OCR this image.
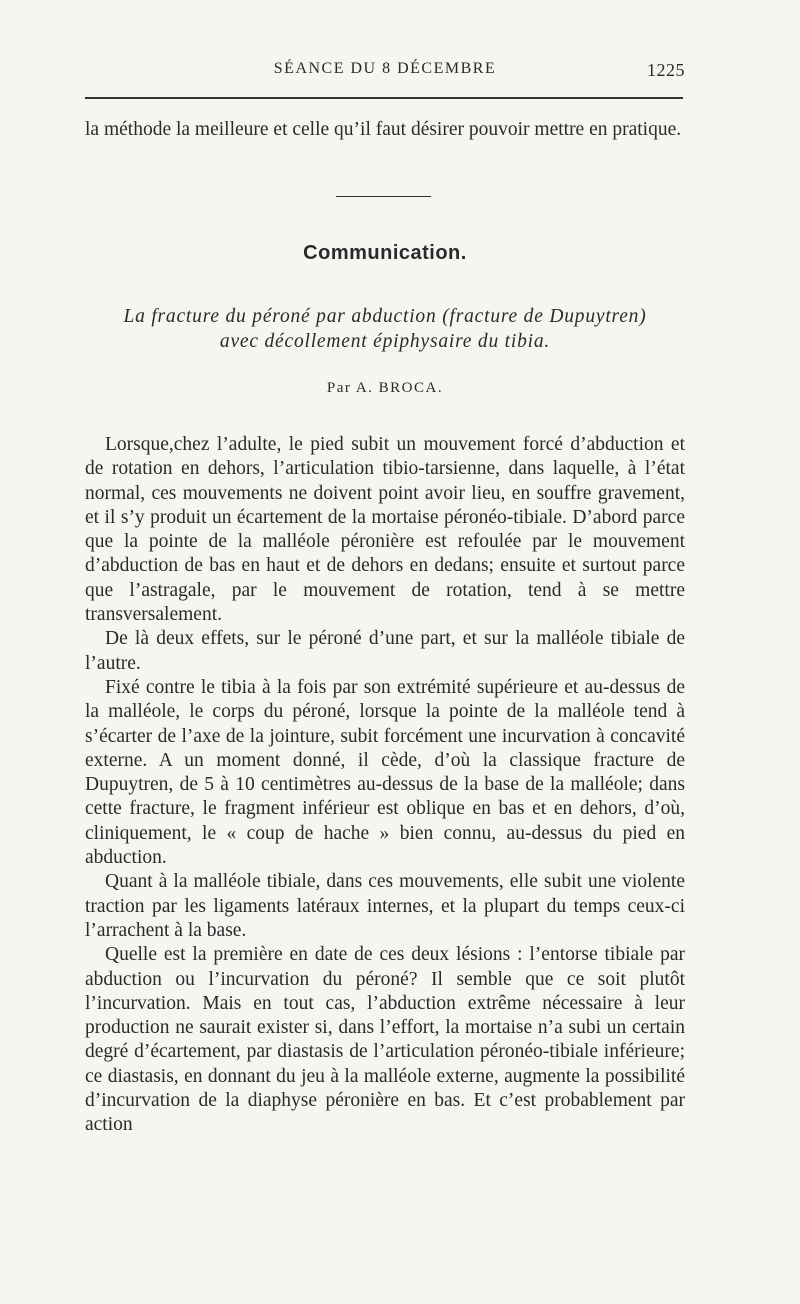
SÉANCE DU 8 DÉCEMBRE	1225

la méthode la meilleure et celle qu’il faut désirer pouvoir mettre en pratique.

Communication.
La fracture du péroné par abduction (fracture de Dupuytren)
avec décollement épiphysaire du tibia.
Par A. BROCA.

Lorsque,chez l’adulte, le pied subit un mouvement forcé d’abduction et de rotation en dehors, l’articulation tibio-tarsienne, dans laquelle, à l’état normal, ces mouvements ne doivent point avoir lieu, en souffre gravement, et il s’y produit un écartement de la mortaise péronéo-tibiale. D’abord parce que la pointe de la malléole péronière est refoulée par le mouvement d’abduction de bas en haut et de dehors en dedans; ensuite et surtout parce que l’astragale, par le mouvement de rotation, tend à se mettre transversalement.

De là deux effets, sur le péroné d’une part, et sur la malléole tibiale de l’autre.

Fixé contre le tibia à la fois par son extrémité supérieure et au-dessus de la malléole, le corps du péroné, lorsque la pointe de la malléole tend à s’écarter de l’axe de la jointure, subit forcément une incurvation à concavité externe. A un moment donné, il cède, d’où la classique fracture de Dupuytren, de 5 à 10 centimètres au-dessus de la base de la malléole; dans cette fracture, le fragment inférieur est oblique en bas et en dehors, d’où, cliniquement, le « coup de hache » bien connu, au-dessus du pied en abduction.

Quant à la malléole tibiale, dans ces mouvements, elle subit une violente traction par les ligaments latéraux internes, et la plupart du temps ceux-ci l’arrachent à la base.

Quelle est la première en date de ces deux lésions : l’entorse tibiale par abduction ou l’incurvation du péroné? Il semble que ce soit plutôt l’incurvation. Mais en tout cas, l’abduction extrême nécessaire à leur production ne saurait exister si, dans l’effort, la mortaise n’a subi un certain degré d’écartement, par diastasis de l’articulation péronéo-tibiale inférieure; ce diastasis, en donnant du jeu à la malléole externe, augmente la possibilité d’incurvation de la diaphyse péronière en bas. Et c’est probablement par action
